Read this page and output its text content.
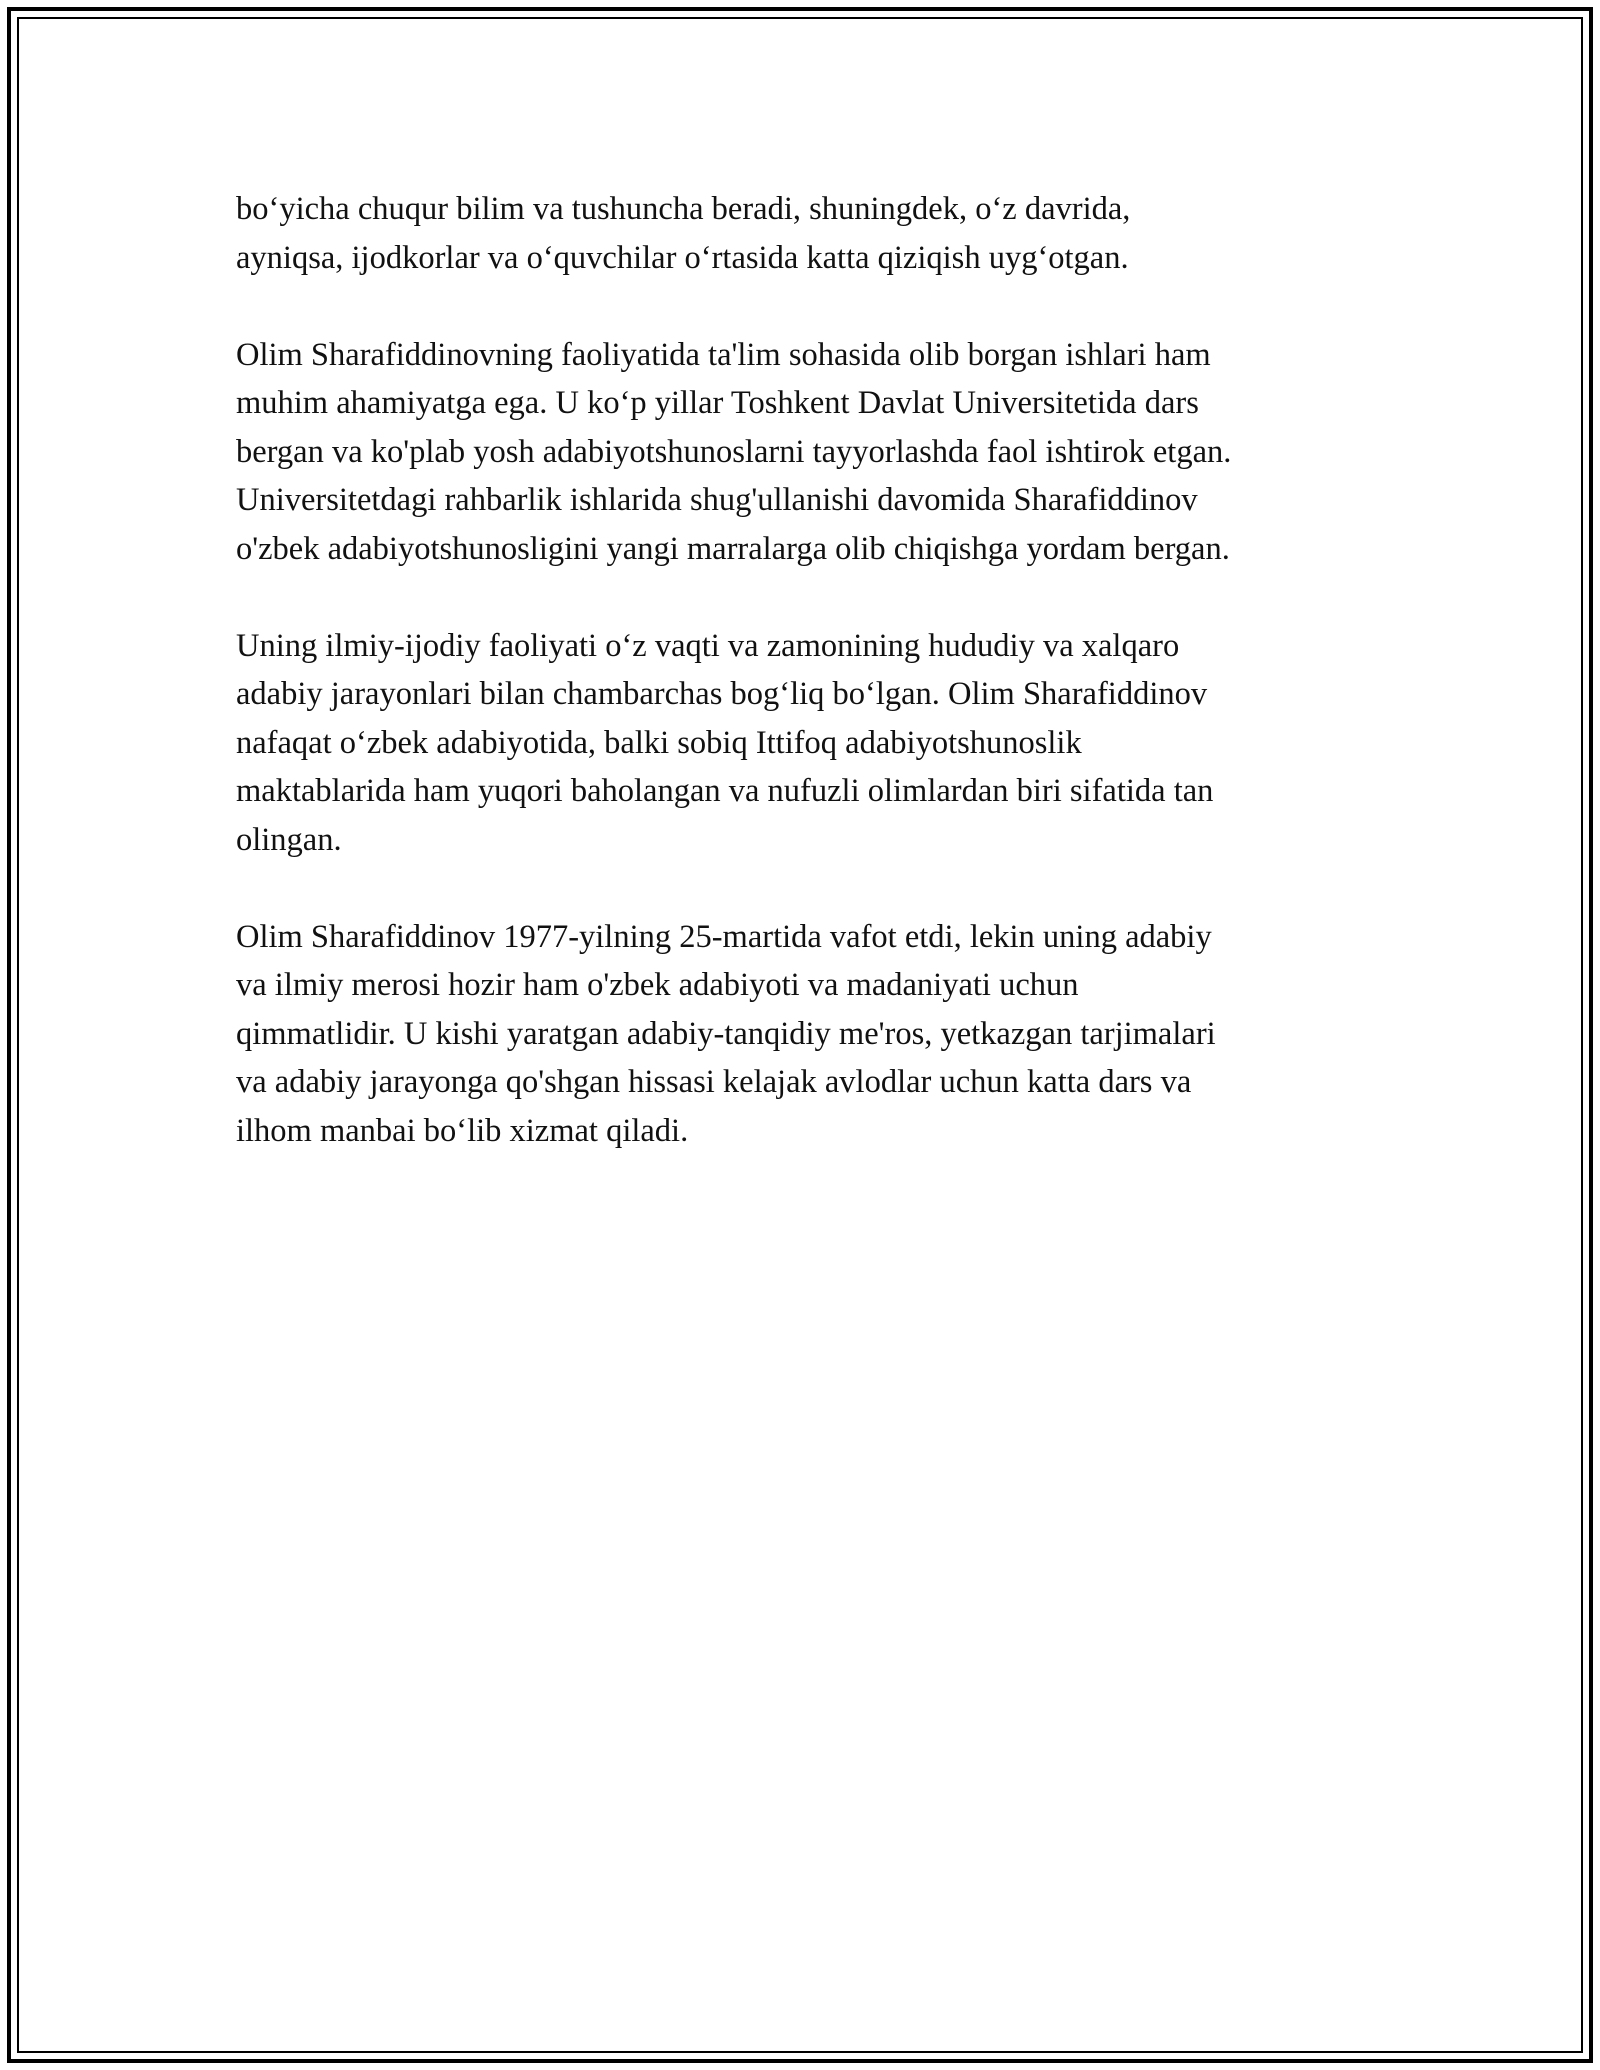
bo‘yicha chuqur bilim va tushuncha beradi, shuningdek, o‘z davrida,
ayniqsa, ijodkorlar va o‘quvchilar o‘rtasida katta qiziqish uyg‘otgan.

Olim Sharafiddinovning faoliyatida ta'lim sohasida olib borgan ishlari ham
muhim ahamiyatga ega. U ko‘p yillar Toshkent Davlat Universitetida dars
bergan va ko'plab yosh adabiyotshunoslarni tayyorlashda faol ishtirok etgan.
Universitetdagi rahbarlik ishlarida shug'ullanishi davomida Sharafiddinov
o'zbek adabiyotshunosligini yangi marralarga olib chiqishga yordam bergan.

Uning ilmiy-ijodiy faoliyati o‘z vaqti va zamonining hududiy va xalqaro
adabiy jarayonlari bilan chambarchas bog‘liq bo‘lgan. Olim Sharafiddinov
nafaqat o‘zbek adabiyotida, balki sobiq Ittifoq adabiyotshunoslik
maktablarida ham yuqori baholangan va nufuzli olimlardan biri sifatida tan
olingan.

Olim Sharafiddinov 1977-yilning 25-martida vafot etdi, lekin uning adabiy
va ilmiy merosi hozir ham o'zbek adabiyoti va madaniyati uchun
qimmatlidir. U kishi yaratgan adabiy-tanqidiy me'ros, yetkazgan tarjimalari
va adabiy jarayonga qo'shgan hissasi kelajak avlodlar uchun katta dars va
ilhom manbai bo‘lib xizmat qiladi.
